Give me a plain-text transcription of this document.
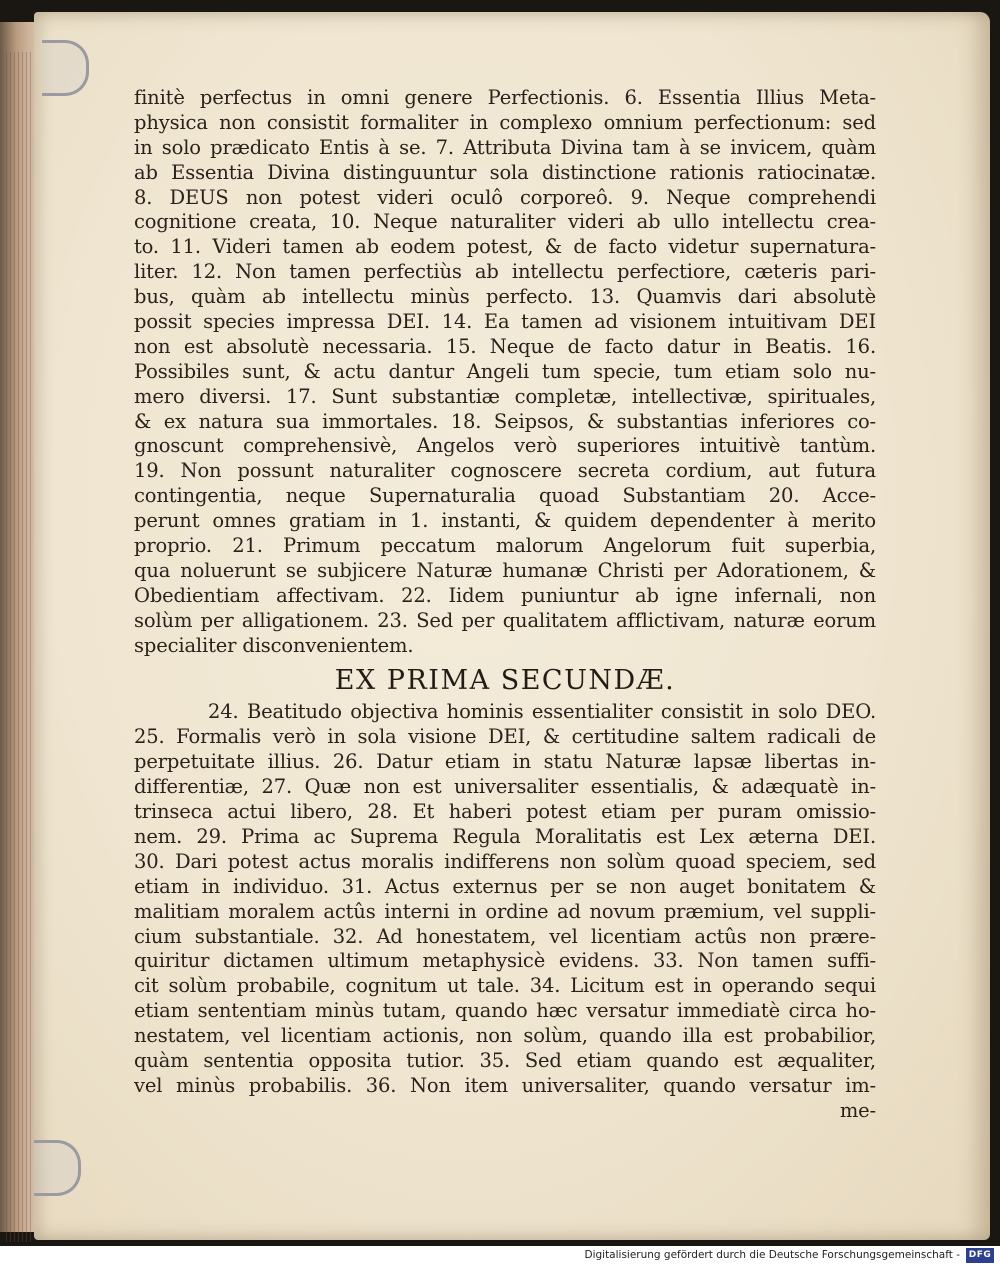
finitè perfectus in omni genere Perfectionis. 6. Essentia Illius Meta-
physica non consistit formaliter in complexo omnium perfectionum: sed
in solo prædicato Entis à se. 7. Attributa Divina tam à se invicem, quàm
ab Essentia Divina distinguuntur sola distinctione rationis ratiocinatæ.
8. DEUS non potest videri oculô corporeô. 9. Neque comprehendi
cognitione creata, 10. Neque naturaliter videri ab ullo intellectu crea-
to. 11. Videri tamen ab eodem potest, & de facto videtur supernatura-
liter. 12. Non tamen perfectiùs ab intellectu perfectiore, cæteris pari-
bus, quàm ab intellectu minùs perfecto. 13. Quamvis dari absolutè
possit species impressa DEI. 14. Ea tamen ad visionem intuitivam DEI
non est absolutè necessaria. 15. Neque de facto datur in Beatis. 16.
Possibiles sunt, & actu dantur Angeli tum specie, tum etiam solo nu-
mero diversi. 17. Sunt substantiæ completæ, intellectivæ, spirituales,
& ex natura sua immortales. 18. Seipsos, & substantias inferiores co-
gnoscunt comprehensivè, Angelos verò superiores intuitivè tantùm.
19. Non possunt naturaliter cognoscere secreta cordium, aut futura
contingentia, neque Supernaturalia quoad Substantiam 20. Acce-
perunt omnes gratiam in 1. instanti, & quidem dependenter à merito
proprio. 21. Primum peccatum malorum Angelorum fuit superbia,
qua noluerunt se subjicere Naturæ humanæ Christi per Adorationem, &
Obedientiam affectivam. 22. Iidem puniuntur ab igne infernali, non
solùm per alligationem. 23. Sed per qualitatem afflictivam, naturæ eorum
specialiter disconvenientem.
EX PRIMA SECUNDÆ.
24. Beatitudo objectiva hominis essentialiter consistit in solo DEO.
25. Formalis verò in sola visione DEI, & certitudine saltem radicali de
perpetuitate illius. 26. Datur etiam in statu Naturæ lapsæ libertas in-
differentiæ, 27. Quæ non est universaliter essentialis, & adæquatè in-
trinseca actui libero, 28. Et haberi potest etiam per puram omissio-
nem. 29. Prima ac Suprema Regula Moralitatis est Lex æterna DEI.
30. Dari potest actus moralis indifferens non solùm quoad speciem, sed
etiam in individuo. 31. Actus externus per se non auget bonitatem &
malitiam moralem actûs interni in ordine ad novum præmium, vel suppli-
cium substantiale. 32. Ad honestatem, vel licentiam actûs non prære-
quiritur dictamen ultimum metaphysicè evidens. 33. Non tamen suffi-
cit solùm probabile, cognitum ut tale. 34. Licitum est in operando sequi
etiam sententiam minùs tutam, quando hæc versatur immediatè circa ho-
nestatem, vel licentiam actionis, non solùm, quando illa est probabilior,
quàm sententia opposita tutior. 35. Sed etiam quando est æqualiter,
vel minùs probabilis. 36. Non item universaliter, quando versatur im-
me-
Digitalisierung gefördert durch die Deutsche Forschungsgemeinschaft - DFG
